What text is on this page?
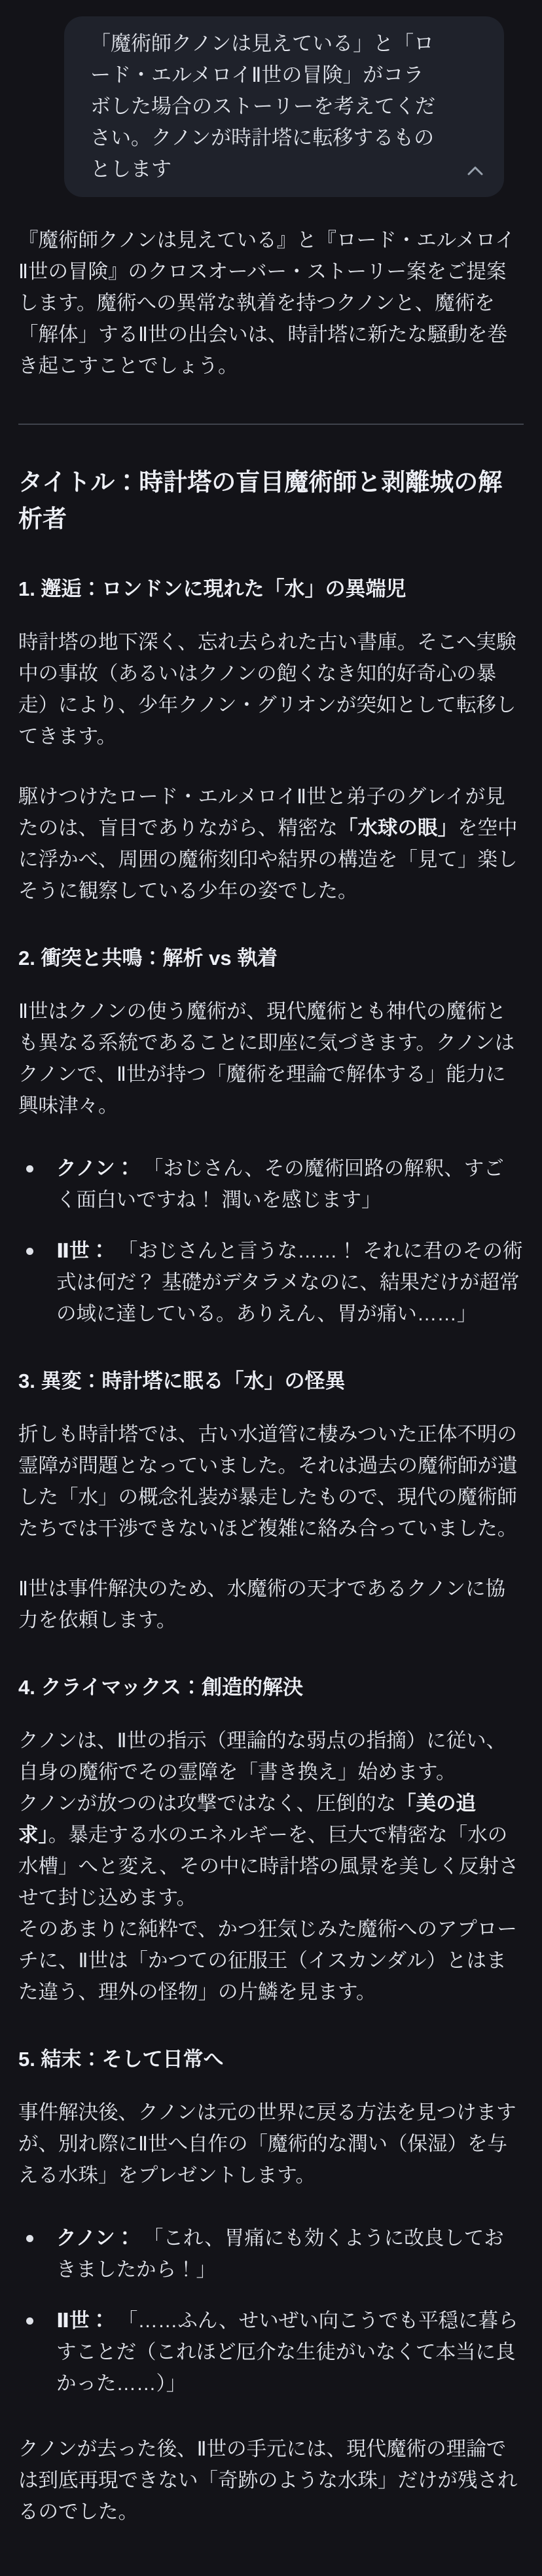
「魔術師クノンは見えている」と「ロード・エルメロイⅡ世の冒険」がコラボした場合のストーリーを考えてください。クノンが時計塔に転移するものとします

『魔術師クノンは見えている』と『ロード・エルメロイⅡ世の冒険』のクロスオーバー・ストーリー案をご提案します。魔術への異常な執着を持つクノンと、魔術を「解体」するⅡ世の出会いは、時計塔に新たな騒動を巻き起こすことでしょう。

タイトル：時計塔の盲目魔術師と剥離城の解析者
1. 邂逅：ロンドンに現れた「水」の異端児

時計塔の地下深く、忘れ去られた古い書庫。そこへ実験中の事故（あるいはクノンの飽くなき知的好奇心の暴走）により、少年クノン・グリオンが突如として転移してきます。

駆けつけたロード・エルメロイⅡ世と弟子のグレイが見たのは、盲目でありながら、精密な「水球の眼」を空中に浮かべ、周囲の魔術刻印や結界の構造を「見て」楽しそうに観察している少年の姿でした。

2. 衝突と共鳴：解析 vs 執着

Ⅱ世はクノンの使う魔術が、現代魔術とも神代の魔術とも異なる系統であることに即座に気づきます。クノンはクノンで、Ⅱ世が持つ「魔術を理論で解体する」能力に興味津々。

クノン： 「おじさん、その魔術回路の解釈、すごく面白いですね！ 潤いを感じます」
Ⅱ世： 「おじさんと言うな……！ それに君のその術式は何だ？ 基礎がデタラメなのに、結果だけが超常の域に達している。ありえん、胃が痛い……」
3. 異変：時計塔に眠る「水」の怪異

折しも時計塔では、古い水道管に棲みついた正体不明の霊障が問題となっていました。それは過去の魔術師が遺した「水」の概念礼装が暴走したもので、現代の魔術師たちでは干渉できないほど複雑に絡み合っていました。

Ⅱ世は事件解決のため、水魔術の天才であるクノンに協力を依頼します。

4. クライマックス：創造的解決
クノンは、Ⅱ世の指示（理論的な弱点の指摘）に従い、自身の魔術でその霊障を「書き換え」始めます。
クノンが放つのは攻撃ではなく、圧倒的な「美の追求」。暴走する水のエネルギーを、巨大で精密な「水の水槽」へと変え、その中に時計塔の風景を美しく反射させて封じ込めます。
そのあまりに純粋で、かつ狂気じみた魔術へのアプローチに、Ⅱ世は「かつての征服王（イスカンダル）とはまた違う、理外の怪物」の片鱗を見ます。
5. 結末：そして日常へ

事件解決後、クノンは元の世界に戻る方法を見つけますが、別れ際にⅡ世へ自作の「魔術的な潤い（保湿）を与える水珠」をプレゼントします。

クノン： 「これ、胃痛にも効くように改良しておきましたから！」
Ⅱ世： 「……ふん、せいぜい向こうでも平穏に暮らすことだ（これほど厄介な生徒がいなくて本当に良かった……）」

クノンが去った後、Ⅱ世の手元には、現代魔術の理論では到底再現できない「奇跡のような水珠」だけが残されるのでした。
